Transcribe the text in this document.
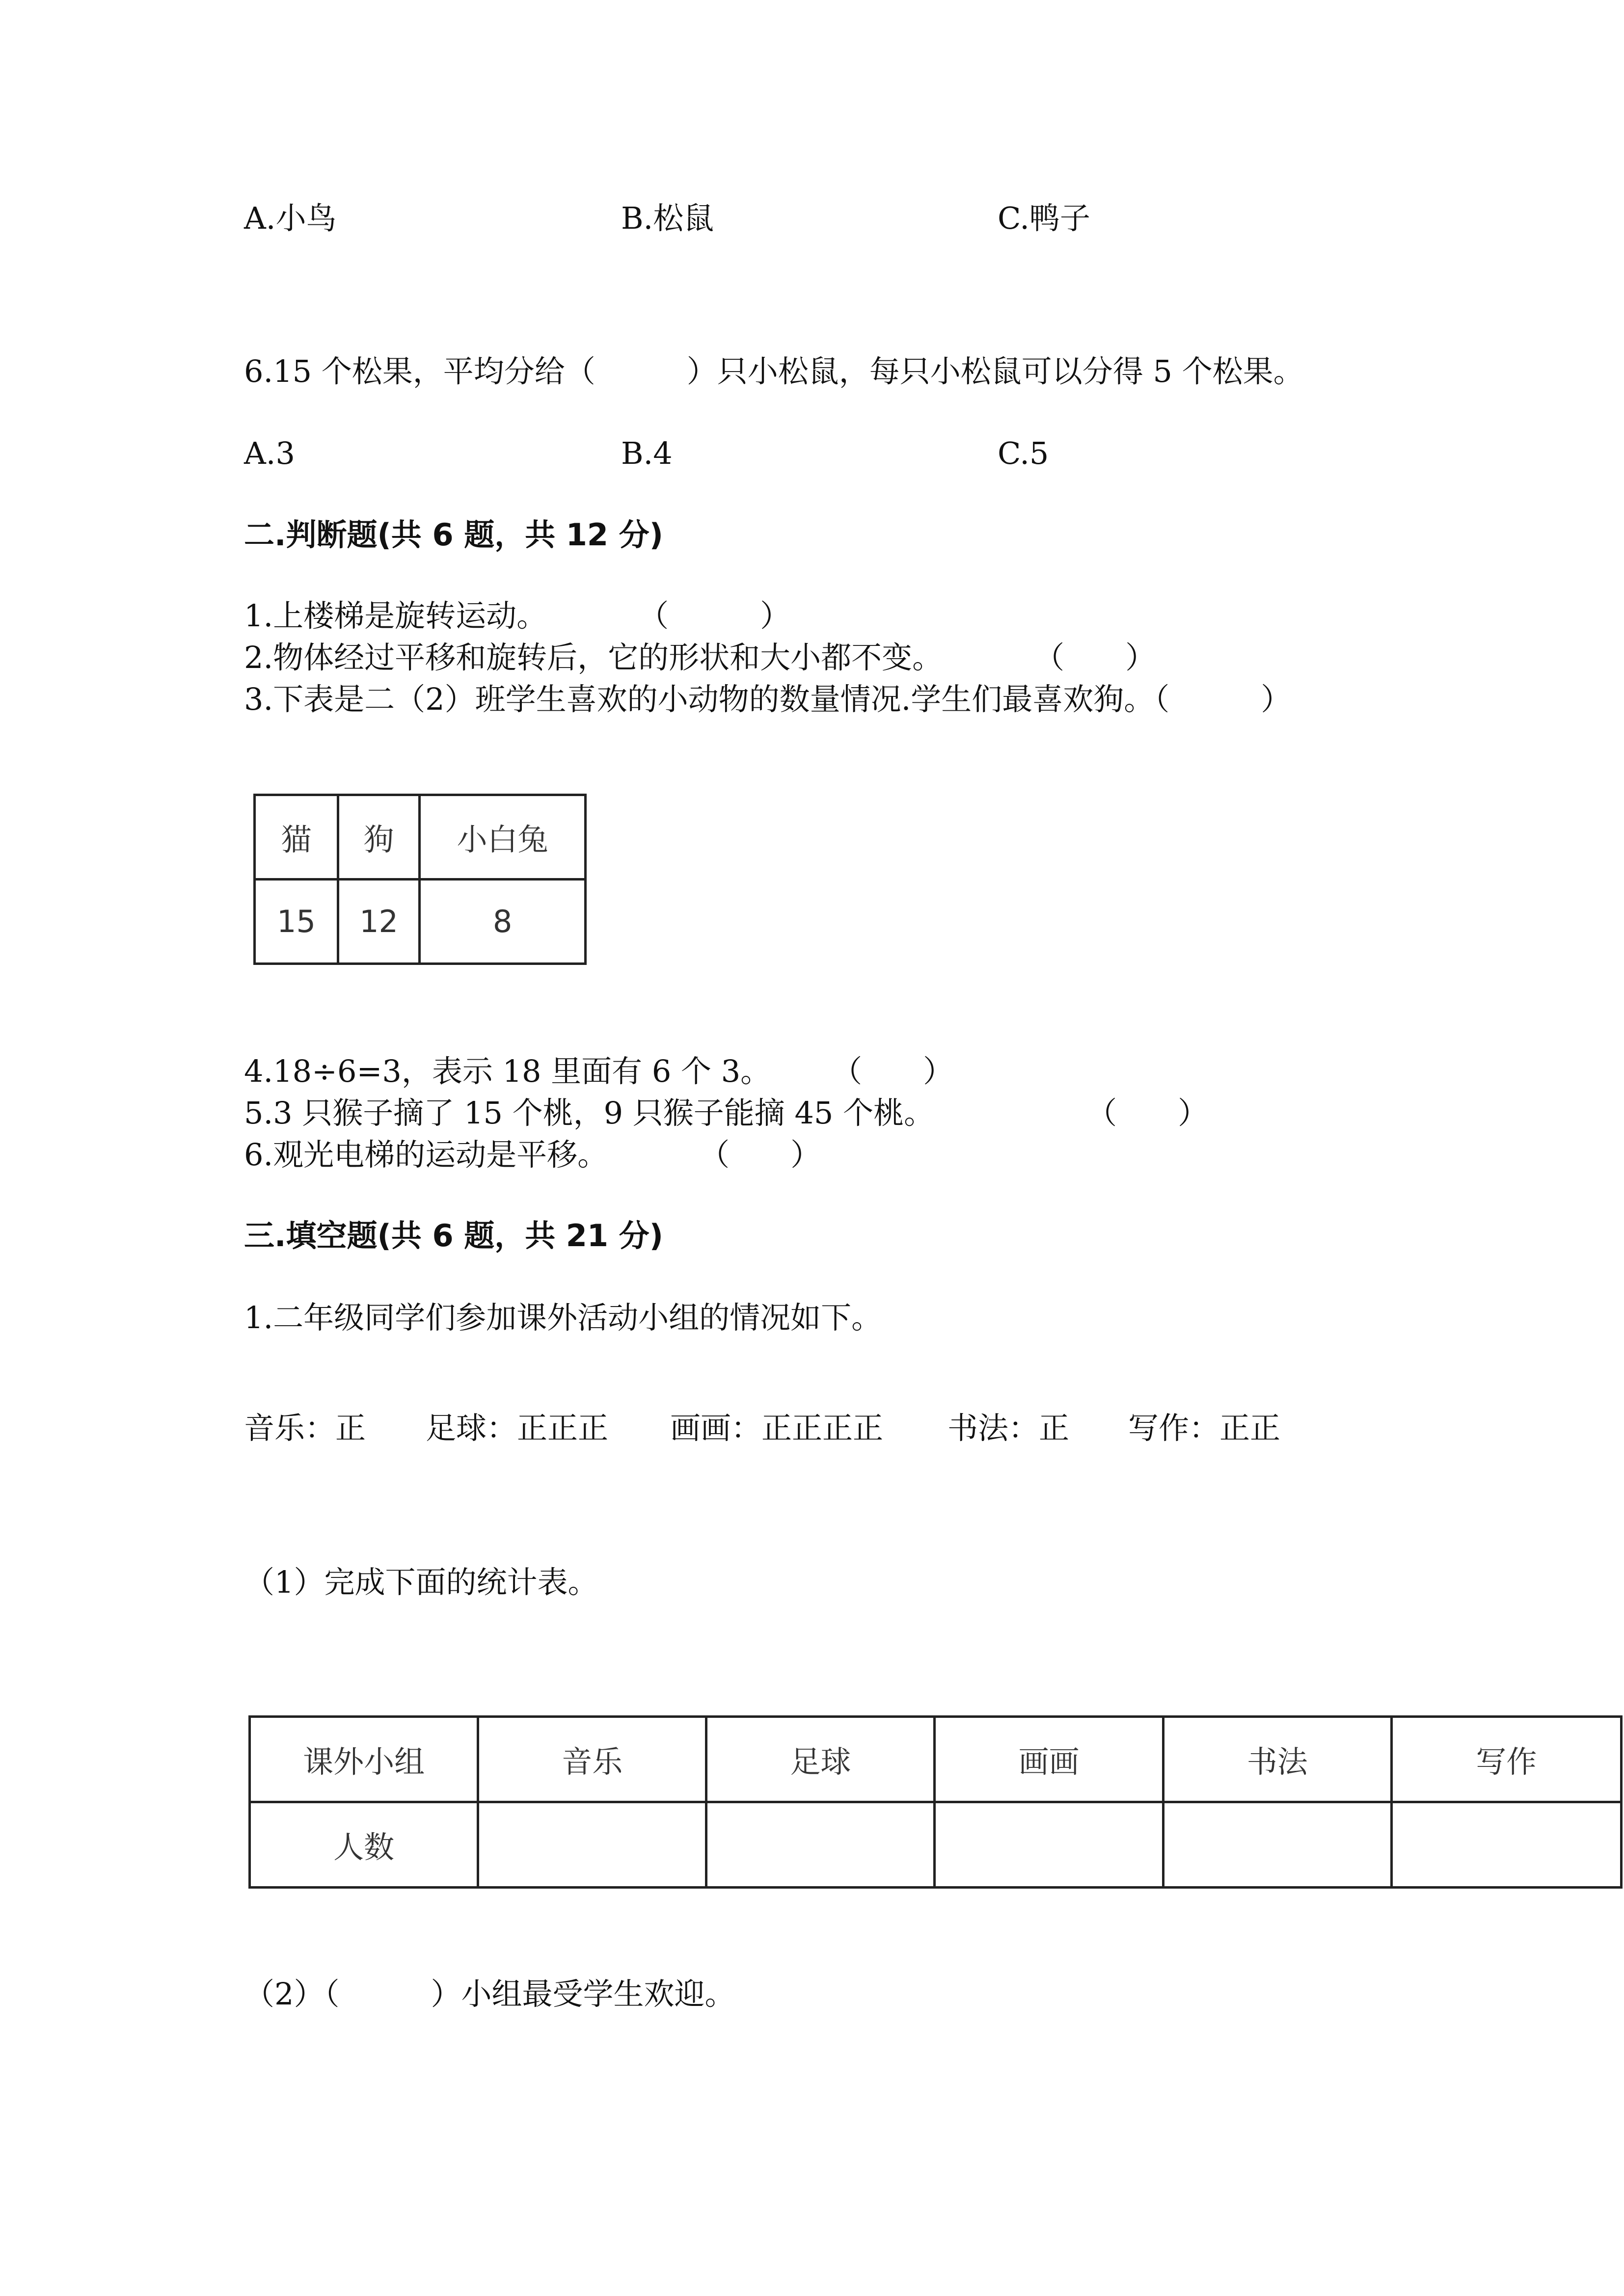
A.小鸟	B.松鼠	C.鸭子
6.15 个松果，平均分给（　　　）只小松鼠，每只小松鼠可以分得 5 个松果。
A.3	B.4	C.5
二.判断题(共 6 题，共 12 分)
1.上楼梯是旋转运动。　　　　（　　　）
2.物体经过平移和旋转后，它的形状和大小都不变。　　　　（　　）
3.下表是二（2）班学生喜欢的小动物的数量情况.学生们最喜欢狗。（　　　）
猫	狗	小白兔
15	12	8
4.18÷6=3，表示 18 里面有 6 个 3。　　　（　　）
5.3 只猴子摘了 15 个桃，9 只猴子能摘 45 个桃。　　　　　　（　　）
6.观光电梯的运动是平移。　　　　（　　）
三.填空题(共 6 题，共 21 分)
1.二年级同学们参加课外活动小组的情况如下。
音乐：正 足球：正正正 画画：正正正正 书法：正 写作：正正
（1）完成下面的统计表。
课外小组	音乐	足球	画画	书法	写作
人数					
（2）（　　　）小组最受学生欢迎。
